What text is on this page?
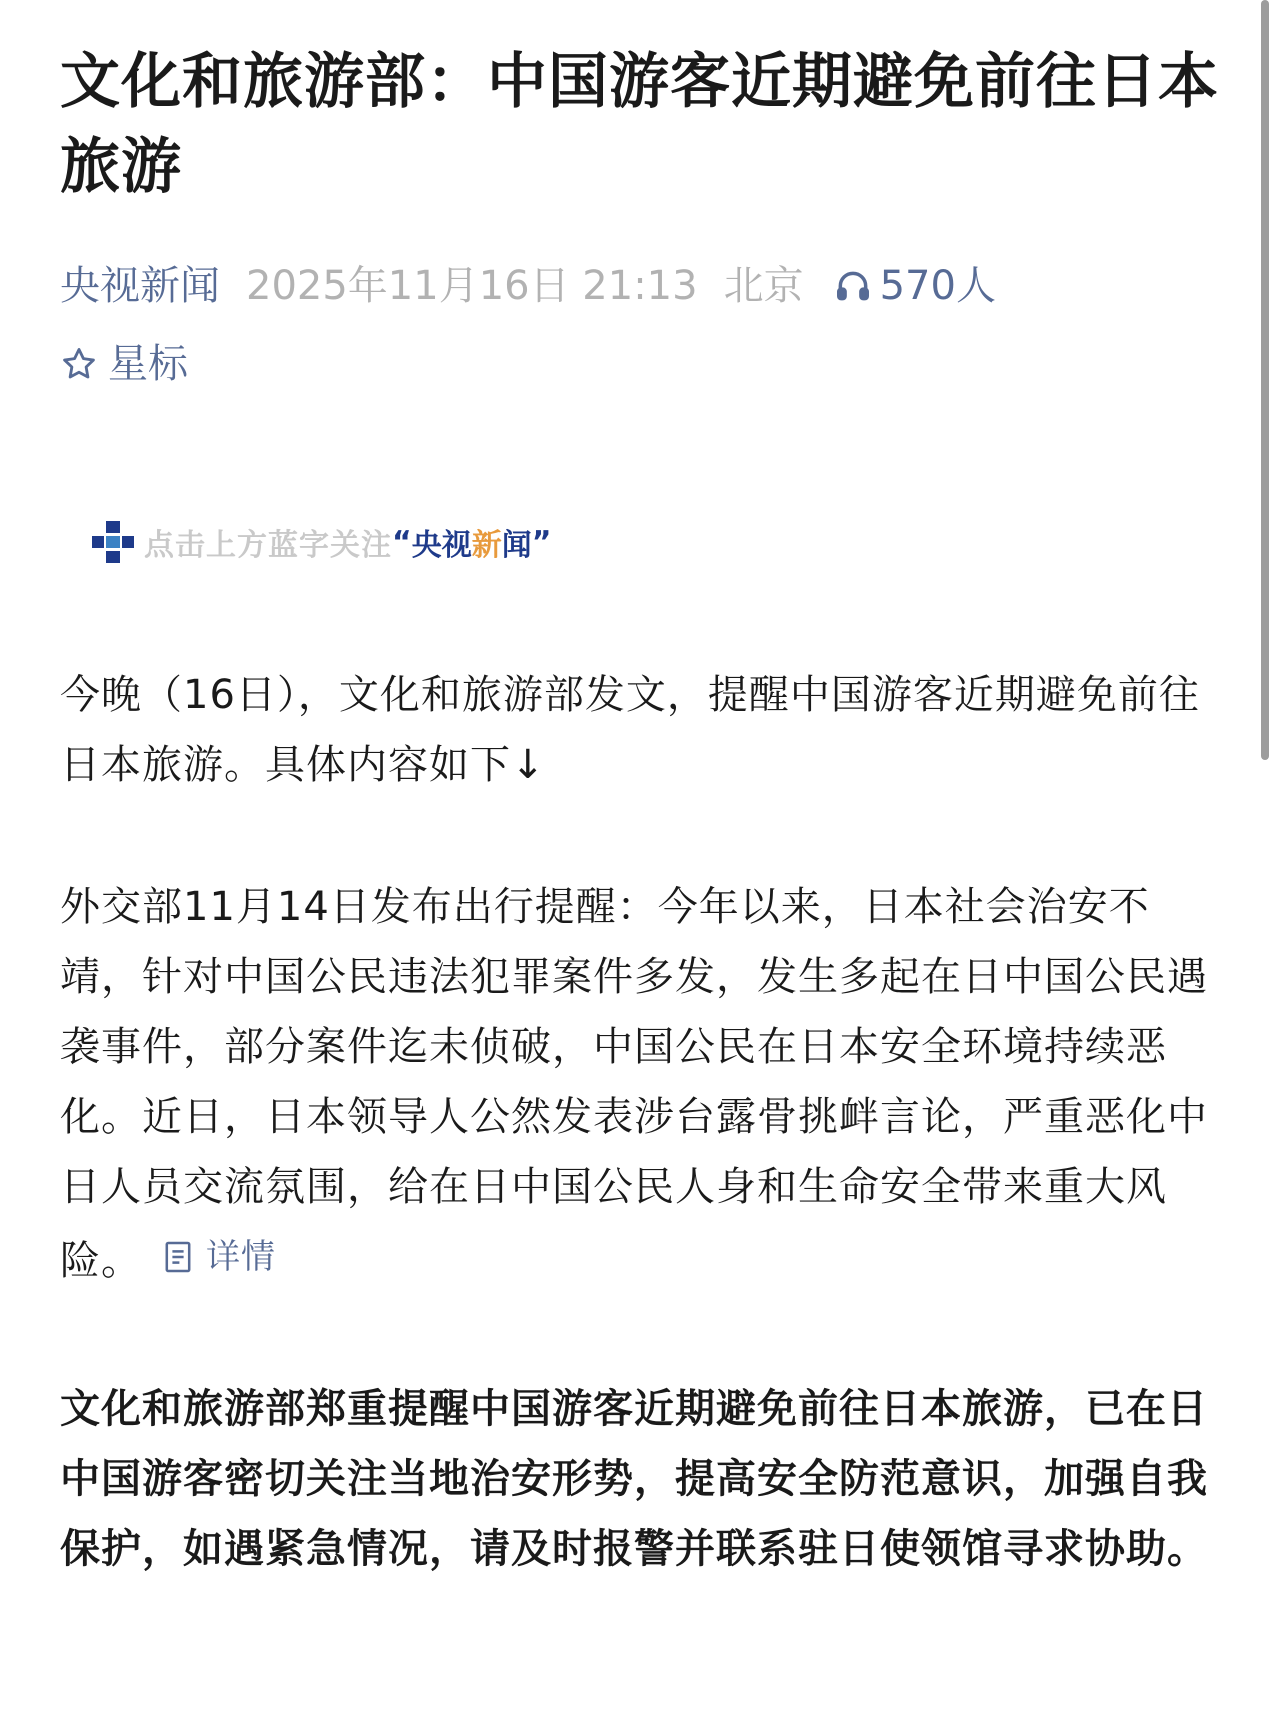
文化和旅游部：中国游客近期避免前往日本旅游
央视新闻 2025年11月16日 21:13 北京 570人
星标
点击上方蓝字关注 “ 央视 新 闻 ”

今晚（16日），文化和旅游部发文，提醒中国游客近期避免前往日本旅游。具体内容如下↓

外交部11月14日发布出行提醒：今年以来，日本社会治安不靖，针对中国公民违法犯罪案件多发，发生多起在日中国公民遇袭事件，部分案件迄未侦破，中国公民在日本安全环境持续恶化。近日，日本领导人公然发表涉台露骨挑衅言论，严重恶化中日人员交流氛围，给在日中国公民人身和生命安全带来重大风险。 详情

文化和旅游部郑重提醒中国游客近期避免前往日本旅游，已在日中国游客密切关注当地治安形势，提高安全防范意识，加强自我保护，如遇紧急情况，请及时报警并联系驻日使领馆寻求协助。
